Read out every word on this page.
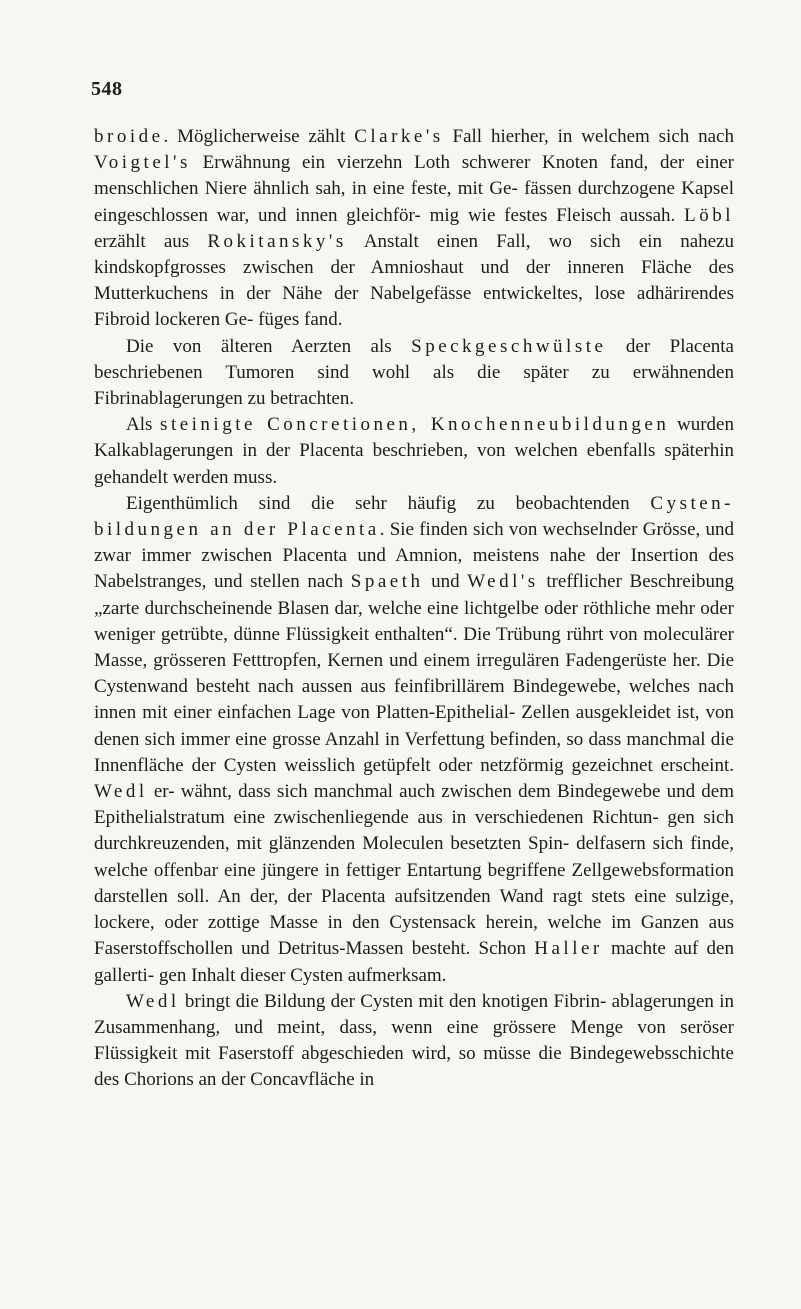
548

broide. Möglicherweise zählt Clarke's Fall hierher, in welchem sich nach Voigtel's Erwähnung ein vierzehn Loth schwerer Knoten fand, der einer menschlichen Niere ähnlich sah, in eine feste, mit Ge- fässen durchzogene Kapsel eingeschlossen war, und innen gleichför- mig wie festes Fleisch aussah. Löbl erzählt aus Rokitansky's Anstalt einen Fall, wo sich ein nahezu kindskopfgrosses zwischen der Amnioshaut und der inneren Fläche des Mutterkuchens in der Nähe der Nabelgefässe entwickeltes, lose adhärirendes Fibroid lockeren Ge- füges fand.

Die von älteren Aerzten als Speckgeschwülste der Placenta beschriebenen Tumoren sind wohl als die später zu erwähnenden Fibrinablagerungen zu betrachten.

Als steinigte Concretionen, Knochenneubildungen wurden Kalkablagerungen in der Placenta beschrieben, von welchen ebenfalls späterhin gehandelt werden muss.

Eigenthümlich sind die sehr häufig zu beobachtenden Cysten- bildungen an der Placenta. Sie finden sich von wechselnder Grösse, und zwar immer zwischen Placenta und Amnion, meistens nahe der Insertion des Nabelstranges, und stellen nach Spaeth und Wedl's trefflicher Beschreibung „zarte durchscheinende Blasen dar, welche eine lichtgelbe oder röthliche mehr oder weniger getrübte, dünne Flüssigkeit enthalten“. Die Trübung rührt von moleculärer Masse, grösseren Fetttropfen, Kernen und einem irregulären Fadengerüste her. Die Cystenwand besteht nach aussen aus feinfibrillärem Bindegewebe, welches nach innen mit einer einfachen Lage von Platten-Epithelial- Zellen ausgekleidet ist, von denen sich immer eine grosse Anzahl in Verfettung befinden, so dass manchmal die Innenfläche der Cysten weisslich getüpfelt oder netzförmig gezeichnet erscheint. Wedl er- wähnt, dass sich manchmal auch zwischen dem Bindegewebe und dem Epithelialstratum eine zwischenliegende aus in verschiedenen Richtun- gen sich durchkreuzenden, mit glänzenden Moleculen besetzten Spin- delfasern sich finde, welche offenbar eine jüngere in fettiger Entartung begriffene Zellgewebsformation darstellen soll. An der, der Placenta aufsitzenden Wand ragt stets eine sulzige, lockere, oder zottige Masse in den Cystensack herein, welche im Ganzen aus Faserstoffschollen und Detritus-Massen besteht. Schon Haller machte auf den gallerti- gen Inhalt dieser Cysten aufmerksam.

Wedl bringt die Bildung der Cysten mit den knotigen Fibrin- ablagerungen in Zusammenhang, und meint, dass, wenn eine grössere Menge von seröser Flüssigkeit mit Faserstoff abgeschieden wird, so müsse die Bindegewebsschichte des Chorions an der Concavfläche in
